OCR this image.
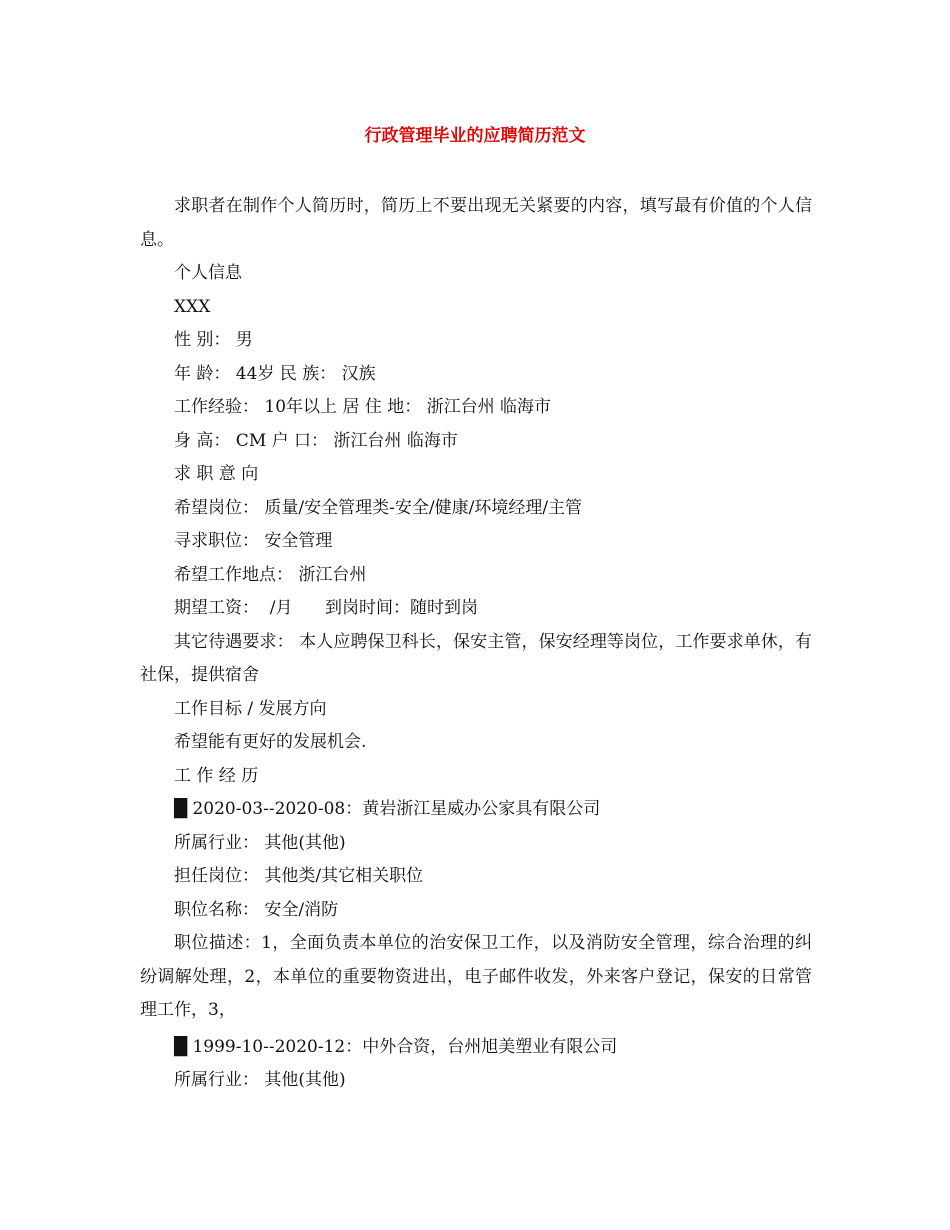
行政管理毕业的应聘简历范文

求职者在制作个人简历时，简历上不要出现无关紧要的内容，填写最有价值的个人信息。

个人信息

XXX

性 别： 男

年 龄： 44岁 民 族： 汉族

工作经验： 10年以上 居 住 地： 浙江台州 临海市

身 高： CM 户 口： 浙江台州 临海市

求 职 意 向

希望岗位： 质量/安全管理类-安全/健康/环境经理/主管

寻求职位： 安全管理

希望工作地点： 浙江台州

期望工资：  /月      到岗时间：随时到岗

其它待遇要求： 本人应聘保卫科长，保安主管，保安经理等岗位，工作要求单休，有社保，提供宿舍

工作目标 / 发展方向

希望能有更好的发展机会.

工 作 经 历

█ 2020-03--2020-08：黄岩浙江星威办公家具有限公司

所属行业： 其他(其他)

担任岗位： 其他类/其它相关职位

职位名称： 安全/消防

职位描述：1，全面负责本单位的治安保卫工作，以及消防安全管理，综合治理的纠纷调解处理，2，本单位的重要物资进出，电子邮件收发，外来客户登记，保安的日常管理工作，3，

█ 1999-10--2020-12：中外合资，台州旭美塑业有限公司

所属行业： 其他(其他)
